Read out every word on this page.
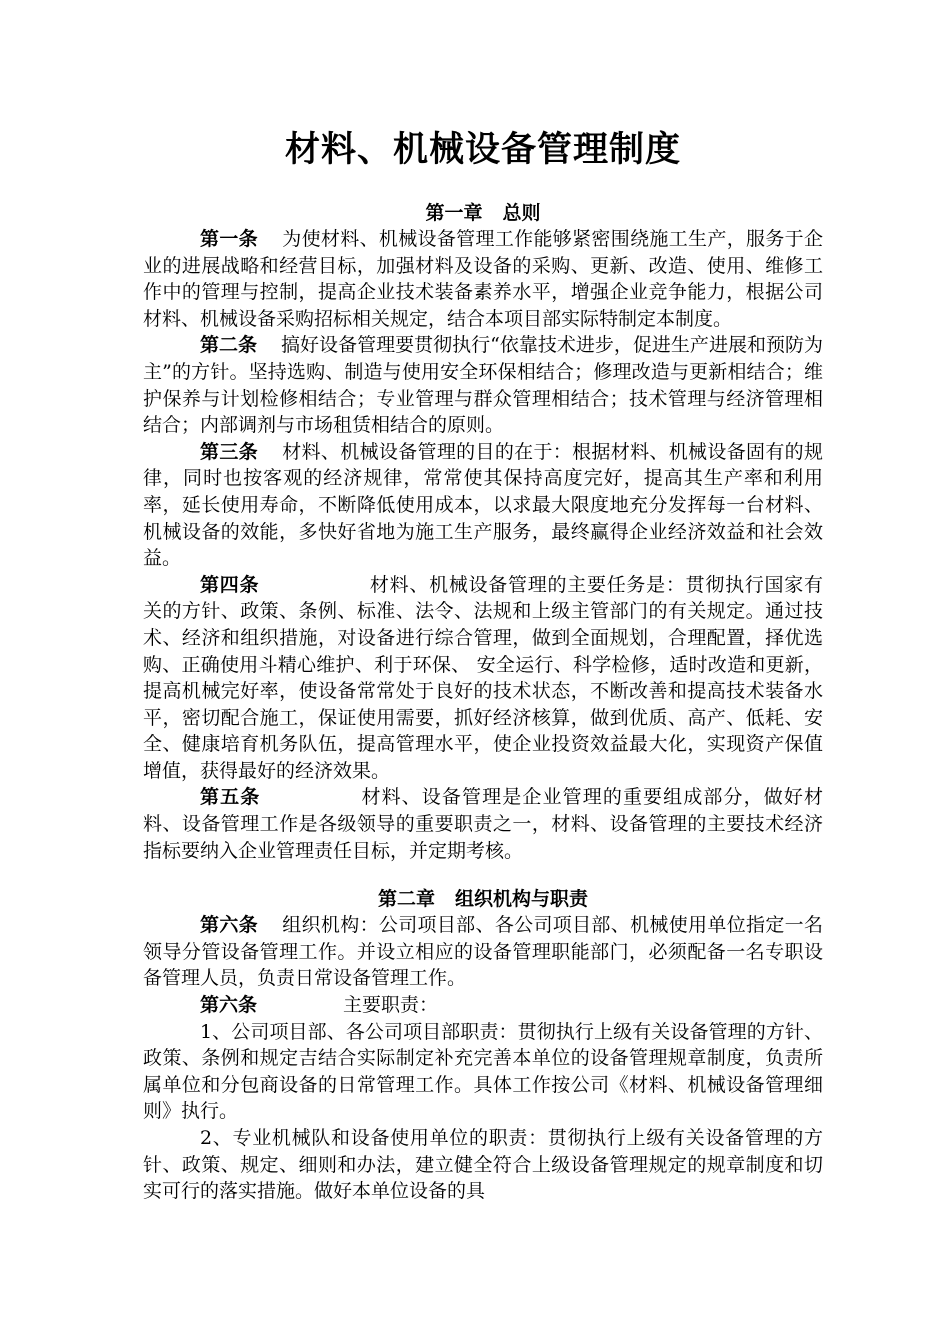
材料、机械设备管理制度
第一章 总则

第一条 为使材料、机械设备管理工作能够紧密围绕施工生产，服务于企业的进展战略和经营目标，加强材料及设备的采购、更新、改造、使用、维修工作中的管理与控制，提高企业技术装备素养水平，增强企业竞争能力，根据公司材料、机械设备采购招标相关规定，结合本项目部实际特制定本制度。

第二条 搞好设备管理要贯彻执行“依靠技术进步，促进生产进展和预防为主”的方针。坚持选购、制造与使用安全环保相结合；修理改造与更新相结合；维护保养与计划检修相结合；专业管理与群众管理相结合；技术管理与经济管理相结合；内部调剂与市场租赁相结合的原则。

第三条 材料、机械设备管理的目的在于：根据材料、机械设备固有的规律，同时也按客观的经济规律，常常使其保持高度完好，提高其生产率和利用率，延长使用寿命，不断降低使用成本，以求最大限度地充分发挥每一台材料、机械设备的效能，多快好省地为施工生产服务，最终赢得企业经济效益和社会效益。

第四条	材料、机械设备管理的主要任务是：贯彻执行国家有关的方针、政策、条例、标准、法令、法规和上级主管部门的有关规定。通过技术、经济和组织措施，对设备进行综合管理，做到全面规划，合理配置，择优选购、正确使用斗精心维护、利于环保、 安全运行、科学检修，适时改造和更新，提高机械完好率，使设备常常处于良好的技术状态，不断改善和提高技术装备水平，密切配合施工，保证使用需要，抓好经济核算，做到优质、高产、低耗、安全、健康培育机务队伍，提高管理水平，使企业投资效益最大化，实现资产保值增值，获得最好的经济效果。

第五条	材料、设备管理是企业管理的重要组成部分，做好材料、设备管理工作是各级领导的重要职责之一，材料、设备管理的主要技术经济指标要纳入企业管理责任目标，并定期考核。

第二章 组织机构与职责

第六条 组织机构：公司项目部、各公司项目部、机械使用单位指定一名领导分管设备管理工作。并设立相应的设备管理职能部门，必须配备一名专职设备管理人员，负责日常设备管理工作。

第六条	主要职责：

1、公司项目部、各公司项目部职责：贯彻执行上级有关设备管理的方针、政策、条例和规定吉结合实际制定补充完善本单位的设备管理规章制度，负责所属单位和分包商设备的日常管理工作。具体工作按公司《材料、机械设备管理细则》执行。

2、专业机械队和设备使用单位的职责：贯彻执行上级有关设备管理的方针、政策、规定、细则和办法，建立健全符合上级设备管理规定的规章制度和切实可行的落实措施。做好本单位设备的具
